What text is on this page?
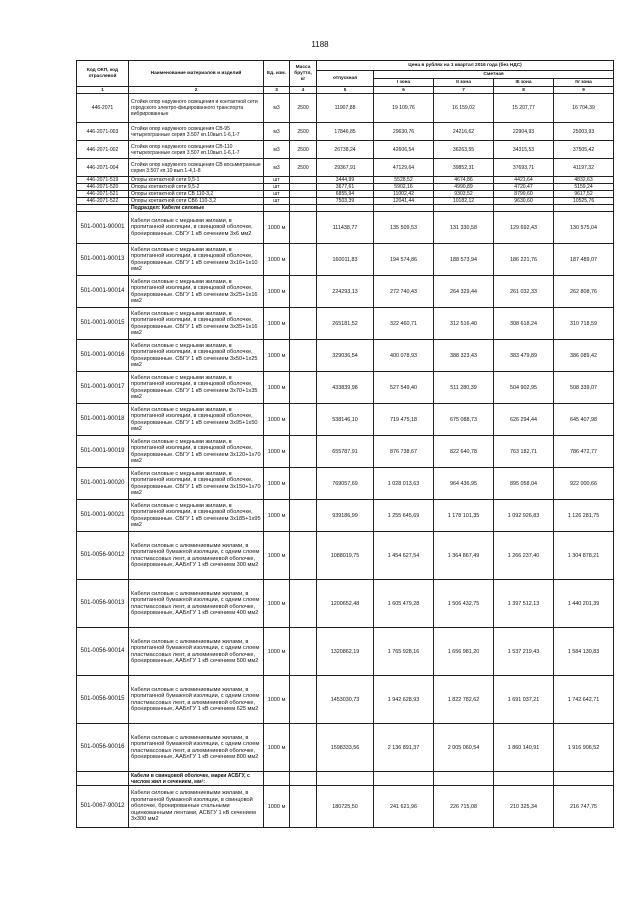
1188
Код ОКП, код отраслевой	Наименование материалов и изделий	Ед. изм.	Масса брутто, кг	Цена в рублях на 1 квартал 2016 года (без НДС)				
				отпускная	Сметная			
					I зона	II зона	III зона	IV зона
1	2	3	4	5	6	7	8	9
446-2071	Стойки опор наружного освещения и контактной сети городского электро-фицированного транспорта вибрированные	м3	2500	11907,88	19 109,76	16 159,02	15 207,77	16 704,39
446-2071-003	Стойки опор наружного освещения СВ-95 четырехгранные серия 3.507 кп.10вып.1-6,1-7	м3	2500	17846,85	29630,76	24216,62	22904,93	25003,93
446-2071-002	Стойки опор наружного освещения СВ-110 четырехгранные серия 3.507 кп.10вып.1-6,1-7	м3	2500	26738,24	42606,54	36263,55	34315,53	37505,42
446-2071-004	Стойки опор наружного освещения СВ восьмигранные серия 3.507 кп.10 вып.1-4,1-8	м3	2500	29367,91	47129,64	39852,31	37693,71	41197,32
446-2071-519	Опоры контактной сети 9,5-1	шт		3444,99	5528,52	4674,86	4421,64	4832,63
446-2071-520	Опоры контактной сети 9,5-2	шт		3677,61	5902,16	4990,89	4720,47	5159,24
446-2071-521	Опоры контактной сети СВ 110-3,2	шт		6855,94	11002,42	9303,52	8799,60	9617,52
446-2071-522	Опоры контактной сети СВ6 110-3,2	шт		7503,39	12041,44	10182,12	9630,60	10525,76
	Подраздел: Кабели силовые							
501-0001-90001	Кабели силовые с медными жилами, в пропитанной изоляции, в свинцовой оболочке, бронированные. СБГУ 1 кВ сечением 3х6 мм2	1000 м		111438,77	135 509,53	131 330,58	129 692,43	130 575,04
501-0001-90013	Кабели силовые с медными жилами, в пропитанной изоляции, в свинцовой оболочке, бронированные. СБГУ 1 кВ сечением 3х16+1х10 мм2	1000 м		160011,83	194 574,86	188 573,94	186 221,76	187 489,07
501-0001-90014	Кабели силовые с медными жилами, в пропитанной изоляции, в свинцовой оболочке, бронированные. СБГУ 1 кВ сечением 3х25+1х16 мм2	1000 м		224293,13	272 740,43	264 329,44	261 032,33	262 808,76
501-0001-90015	Кабели силовые с медными жилами, в пропитанной изоляции, в свинцовой оболочке, бронированные. СБГУ 1 кВ сечением 3х35+1х16 мм2	1000 м		265181,52	322 460,71	312 516,40	308 618,24	310 718,59
501-0001-90016	Кабели силовые с медными жилами, в пропитанной изоляции, в свинцовой оболочке, бронированные. СБГУ 1 кВ сечением 3х50+1х25 мм2	1000 м		329036,54	400 078,93	388 323,43	383 479,89	386 089,42
501-0001-90017	Кабели силовые с медными жилами, в пропитанной изоляции, в свинцовой оболочке, бронированные. СБГУ 1 кВ сечением 3х70+1х35 мм2	1000 м		433839,98	527 549,40	511 280,39	504 902,95	508 339,07
501-0001-90018	Кабели силовые с медными жилами, в пропитанной изоляции, в свинцовой оболочке, бронированные. СБГУ 1 кВ сечением 3х95+1х50 мм2	1000 м		538146,10	719 475,18	675 088,73	626 294,44	645 407,98
501-0001-90019	Кабели силовые с медными жилами, в пропитанной изоляции, в свинцовой оболочке, бронированные. СБГУ 1 кВ сечением 3х120+1х70 мм2	1000 м		655787,91	876 738,67	822 640,78	763 182,71	786 472,77
501-0001-90020	Кабели силовые с медными жилами, в пропитанной изоляции, в свинцовой оболочке, бронированные. СБГУ 1 кВ сечением 3х150+1х70 мм2	1000 м		769057,69	1 028 013,63	964 436,95	895 058,04	922 000,66
501-0001-90021	Кабели силовые с медными жилами, в пропитанной изоляции, в свинцовой оболочке, бронированные. СБГУ 1 кВ сечением 3х185+1х95 мм2	1000 м		939186,99	1 255 645,69	1 178 101,35	1 092 926,83	1 126 281,75
501-0056-90012	Кабели силовые с алюминиевыми жилами, в пропитанной бумажной изоляции, с одним слоем пластмассовых лент, в алюминиевой оболочке, бронированные, ААБлГУ 1 кВ сечением 300 мм2	1000 м		1088019,75	1 454 627,54	1 364 867,49	1 266 237,40	1 304 878,21
501-0056-90013	Кабели силовые с алюминиевыми жилами, в пропитанной бумажной изоляции, с одним слоем пластмассовых лент, в алюминиевой оболочке, бронированные, ААБлГУ 1 кВ сечением 400 мм2	1000 м		1200652,48	1 605 479,28	1 506 432,75	1 397 512,13	1 440 201,39
501-0056-90014	Кабели силовые с алюминиевыми жилами, в пропитанной бумажной изоляции, с одним слоем пластмассовых лент, в алюминиевой оболочке, бронированные, ААБлГУ 1 кВ сечением 500 мм2	1000 м		1320862,19	1 765 928,16	1 656 981,20	1 537 219,43	1 584 130,83
501-0056-90015	Кабели силовые с алюминиевыми жилами, в пропитанной бумажной изоляции, с одним слоем пластмассовых лент, в алюминиевой оболочке, бронированные, ААБлГУ 1 кВ сечением 625 мм2	1000 м		1453030,73	1 942 628,93	1 822 782,62	1 691 037,21	1 742 642,71
501-0056-90016	Кабели силовые с алюминиевыми жилами, в пропитанной бумажной изоляции, с одним слоем пластмассовых лент, в алюминиевой оболочке, бронированные, ААБлГУ 1 кВ сечением 800 мм2	1000 м		1598333,56	2 136 891,37	2 005 060,54	1 860 140,91	1 916 906,52
	Кабели в свинцовой оболочке, марки АСБГУ, с числом жил и сечением, мм²:							
501-0067-90012	Кабели силовые с алюминиевыми жилами, в пропитанной бумажной изоляции, в свинцовой оболочке, бронированные стальными оцинкованными лентами, АСБГУ 1 кВ сечением 3х300 мм2	1000 м		180725,50	241 621,96	226 715,08	210 325,34	216 747,75
